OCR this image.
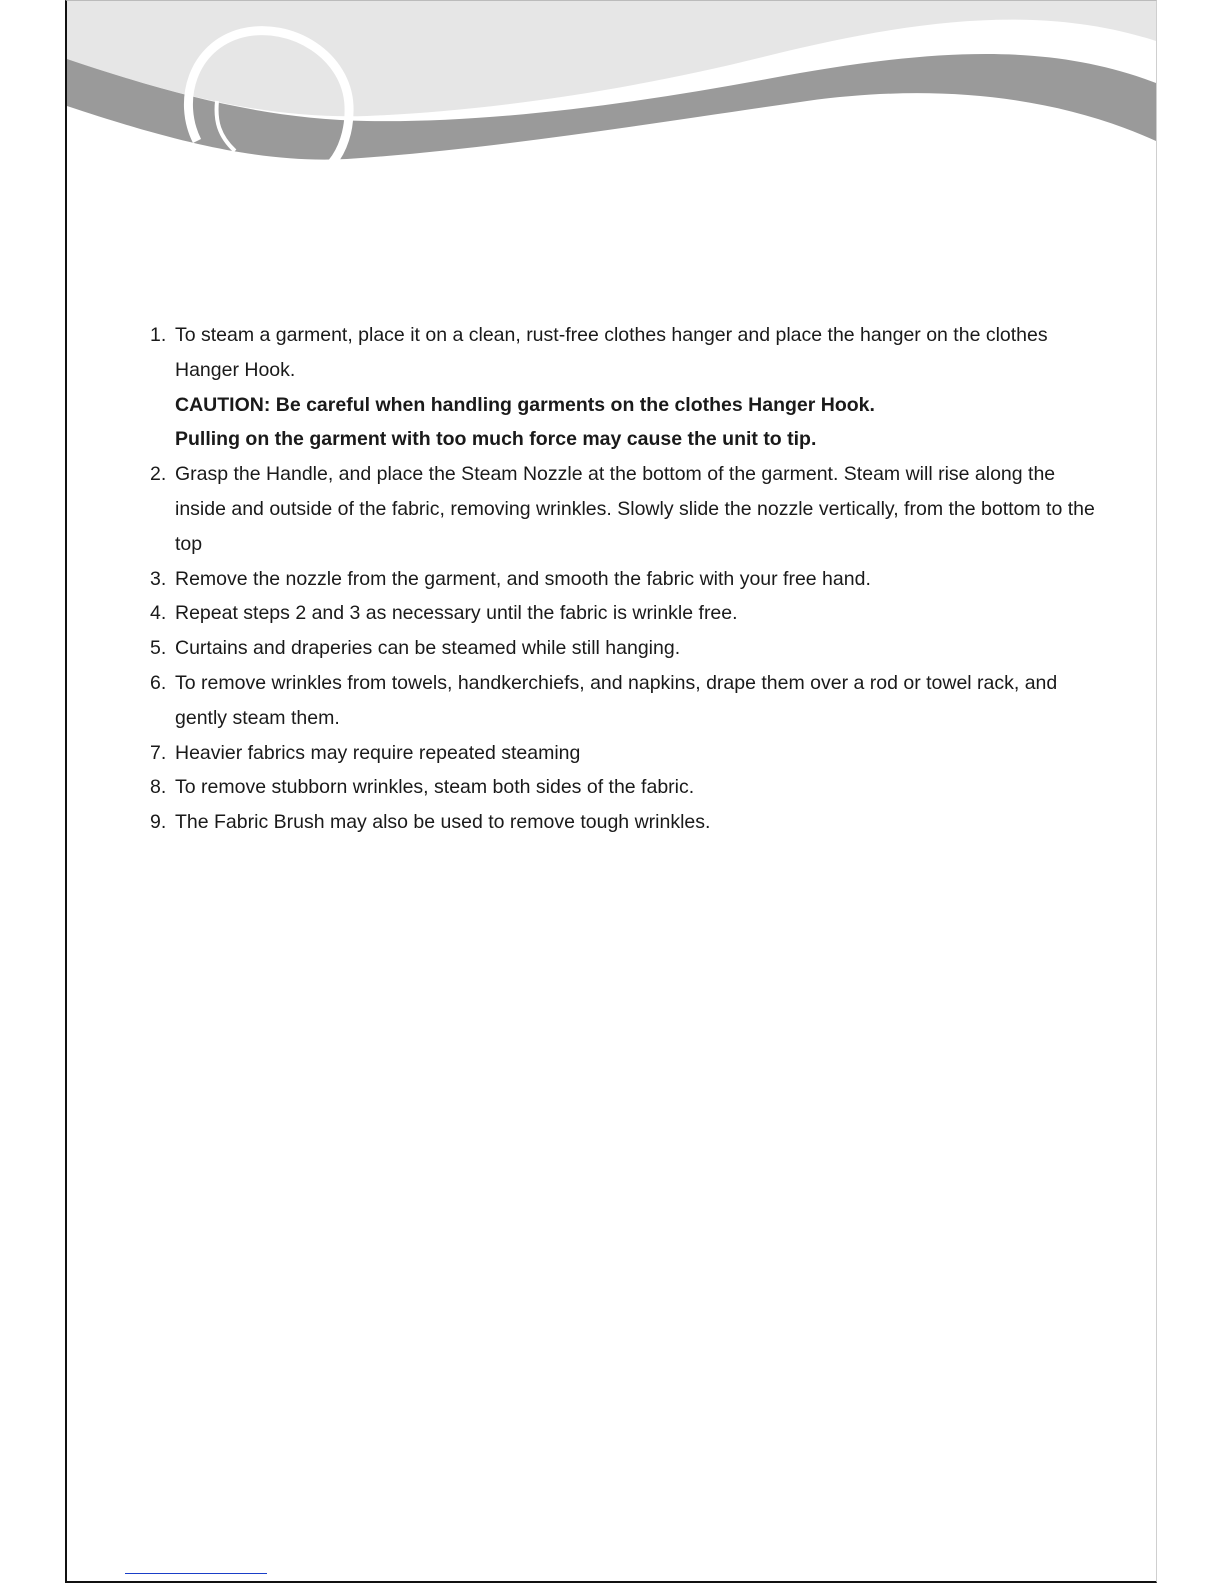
1. To steam a garment, place it on a clean, rust-free clothes hanger and place the hanger on the clothes Hanger Hook.
CAUTION: Be careful when handling garments on the clothes Hanger Hook.
Pulling on the garment with too much force may cause the unit to tip.
2. Grasp the Handle, and place the Steam Nozzle at the bottom of the garment. Steam will rise along the inside and outside of the fabric, removing wrinkles. Slowly slide the nozzle vertically, from the bottom to the top
3. Remove the nozzle from the garment, and smooth the fabric with your free hand.
4. Repeat steps 2 and 3 as necessary until the fabric is wrinkle free.
5. Curtains and draperies can be steamed while still hanging.
6. To remove wrinkles from towels, handkerchiefs, and napkins, drape them over a rod or towel rack, and gently steam them.
7. Heavier fabrics may require repeated steaming
8. To remove stubborn wrinkles, steam both sides of the fabric.
9. The Fabric Brush may also be used to remove tough wrinkles.
